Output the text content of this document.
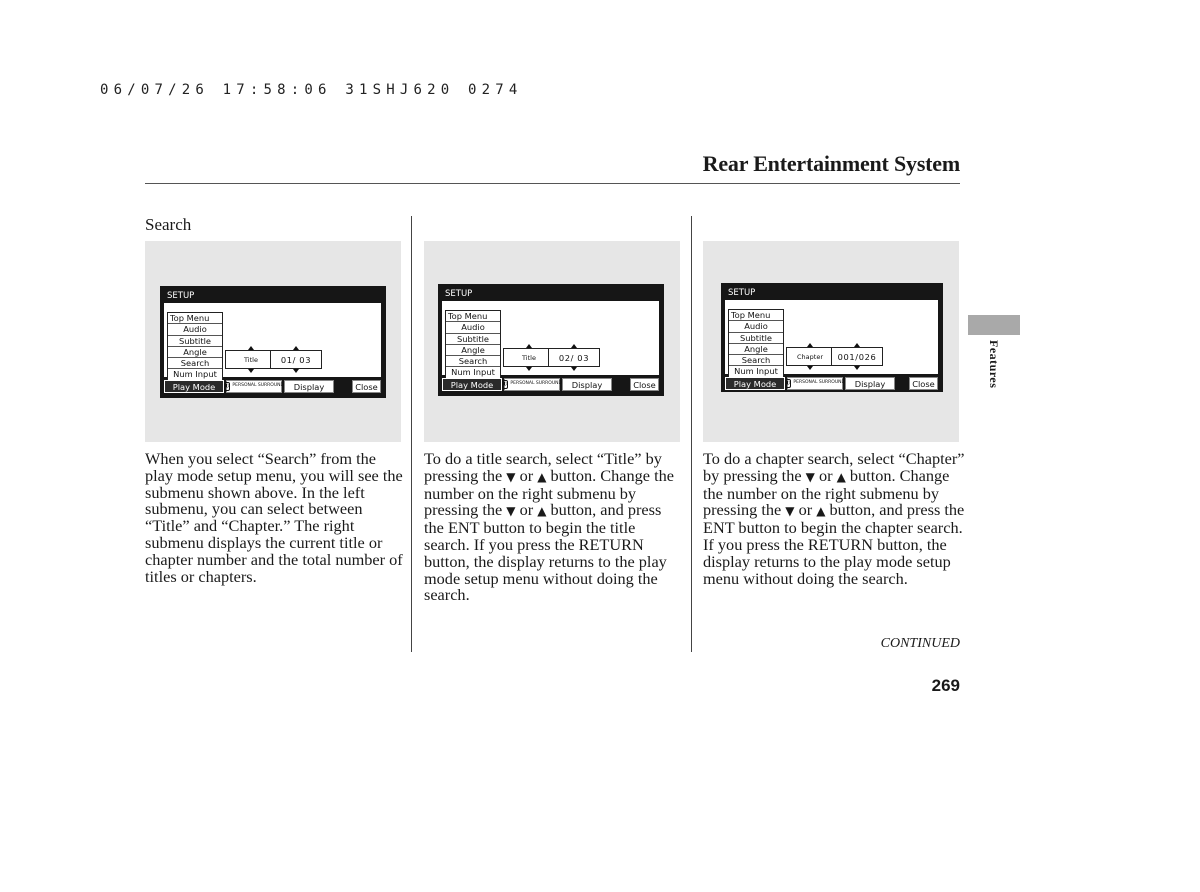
06/07/26 17:58:06 31SHJ620 0274
Rear Entertainment System
Search
SETUP
Top Menu
Audio
Subtitle
Angle
Search
Num Input
Title	01/ 03
Play Mode	◐ PERSONAL SURROUND	Display	Close
SETUP
Top Menu
Audio
Subtitle
Angle
Search
Num Input
Title	02/ 03
Play Mode	◐ PERSONAL SURROUND	Display	Close
SETUP
Top Menu
Audio
Subtitle
Angle
Search
Num Input
Chapter 001/026
Play Mode	◐ PERSONAL SURROUND	Display	Close
When you select “Search” from the play mode setup menu, you will see the submenu shown above. In the left submenu, you can select between “Title” and “Chapter.” The right submenu displays the current title or chapter number and the total number of titles or chapters.
To do a title search, select “Title” by pressing the ▼ or ▲ button. Change the number on the right submenu by pressing the ▼ or ▲ button, and press the ENT button to begin the title search. If you press the RETURN button, the display returns to the play mode setup menu without doing the search.
To do a chapter search, select “Chapter” by pressing the ▼ or ▲ button. Change the number on the right submenu by pressing the ▼ or ▲ button, and press the ENT button to begin the chapter search. If you press the RETURN button, the display returns to the play mode setup menu without doing the search.
CONTINUED
269
Features
